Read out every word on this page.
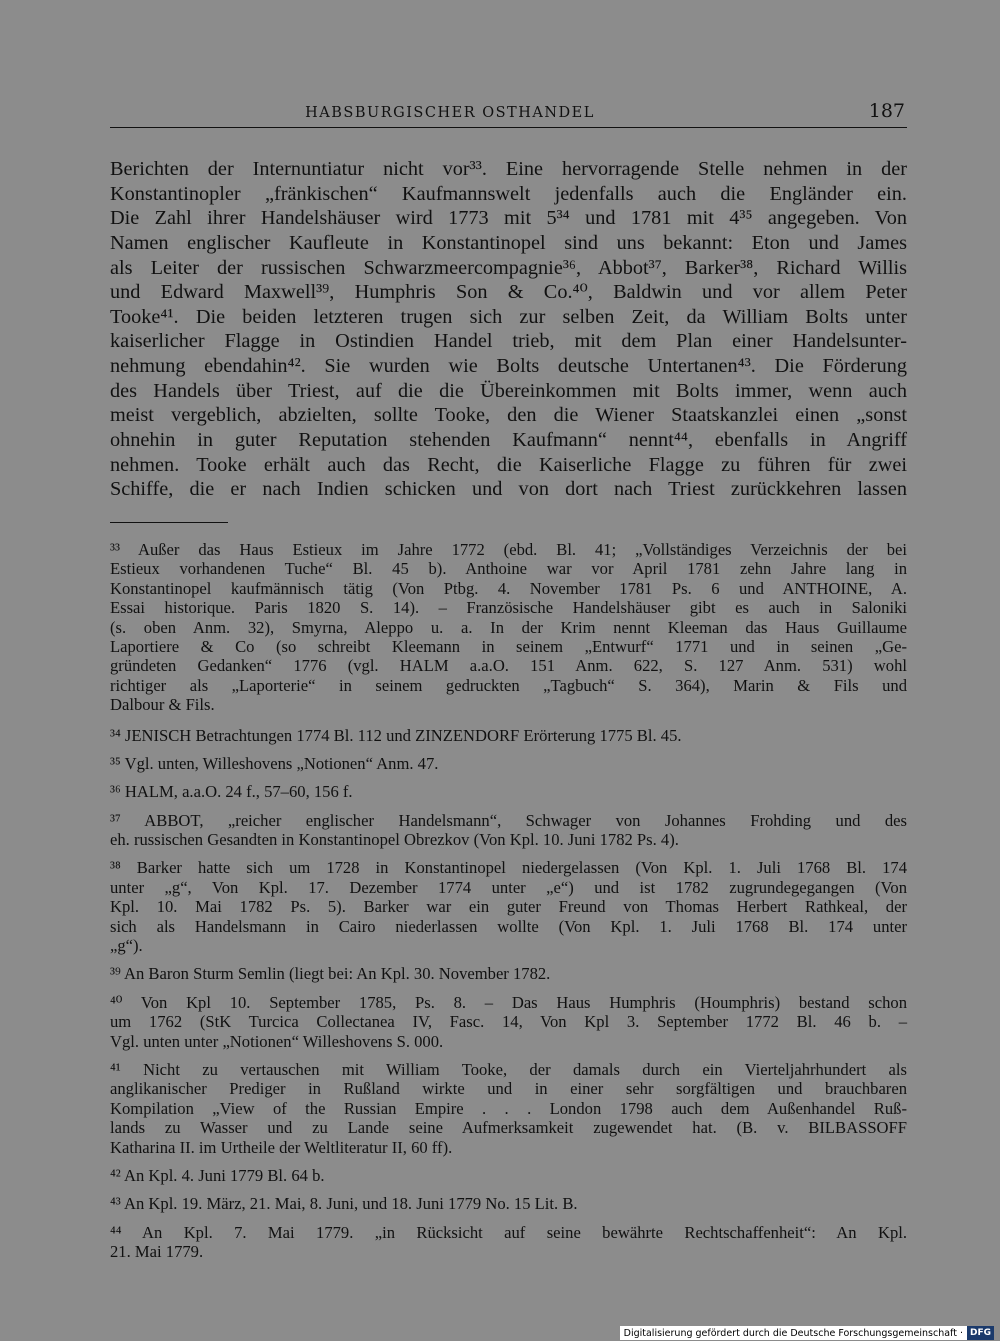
HABSBURGISCHER OSTHANDEL	187
Berichten der Internuntiatur nicht vor³³. Eine hervorragende Stelle nehmen in der
Konstantinopler „fränkischen“ Kaufmannswelt jedenfalls auch die Engländer ein.
Die Zahl ihrer Handelshäuser wird 1773 mit 5³⁴ und 1781 mit 4³⁵ angegeben. Von
Namen englischer Kaufleute in Konstantinopel sind uns bekannt: Eton und James
als Leiter der russischen Schwarzmeercompagnie³⁶, Abbot³⁷, Barker³⁸, Richard Willis
und Edward Maxwell³⁹, Humphris Son & Co.⁴⁰, Baldwin und vor allem Peter
Tooke⁴¹. Die beiden letzteren trugen sich zur selben Zeit, da William Bolts unter
kaiserlicher Flagge in Ostindien Handel trieb, mit dem Plan einer Handelsunter-
nehmung ebendahin⁴². Sie wurden wie Bolts deutsche Untertanen⁴³. Die Förderung
des Handels über Triest, auf die die Übereinkommen mit Bolts immer, wenn auch
meist vergeblich, abzielten, sollte Tooke, den die Wiener Staatskanzlei einen „sonst
ohnehin in guter Reputation stehenden Kaufmann“ nennt⁴⁴, ebenfalls in Angriff
nehmen. Tooke erhält auch das Recht, die Kaiserliche Flagge zu führen für zwei
Schiffe, die er nach Indien schicken und von dort nach Triest zurückkehren lassen
³³ Außer das Haus Estieux im Jahre 1772 (ebd. Bl. 41; „Vollständiges Verzeichnis der bei
Estieux vorhandenen Tuche“ Bl. 45 b). Anthoine war vor April 1781 zehn Jahre lang in
Konstantinopel kaufmännisch tätig (Von Ptbg. 4. November 1781 Ps. 6 und ANTHOINE, A.
Essai historique. Paris 1820 S. 14). – Französische Handelshäuser gibt es auch in Saloniki
(s. oben Anm. 32), Smyrna, Aleppo u. a. In der Krim nennt Kleeman das Haus Guillaume
Laportiere & Co (so schreibt Kleemann in seinem „Entwurf“ 1771 und in seinen „Ge-
gründeten Gedanken“ 1776 (vgl. HALM a.a.O. 151 Anm. 622, S. 127 Anm. 531) wohl
richtiger als „Laporterie“ in seinem gedruckten „Tagbuch“ S. 364), Marin & Fils und
Dalbour & Fils.
³⁴ JENISCH Betrachtungen 1774 Bl. 112 und ZINZENDORF Erörterung 1775 Bl. 45.
³⁵ Vgl. unten, Willeshovens „Notionen“ Anm. 47.
³⁶ HALM, a.a.O. 24 f., 57–60, 156 f.
³⁷ ABBOT, „reicher englischer Handelsmann“, Schwager von Johannes Frohding und des
eh. russischen Gesandten in Konstantinopel Obrezkov (Von Kpl. 10. Juni 1782 Ps. 4).
³⁸ Barker hatte sich um 1728 in Konstantinopel niedergelassen (Von Kpl. 1. Juli 1768 Bl. 174
unter „g“, Von Kpl. 17. Dezember 1774 unter „e“) und ist 1782 zugrundegegangen (Von
Kpl. 10. Mai 1782 Ps. 5). Barker war ein guter Freund von Thomas Herbert Rathkeal, der
sich als Handelsmann in Cairo niederlassen wollte (Von Kpl. 1. Juli 1768 Bl. 174 unter
„g“).
³⁹ An Baron Sturm Semlin (liegt bei: An Kpl. 30. November 1782.
⁴⁰ Von Kpl 10. September 1785, Ps. 8. – Das Haus Humphris (Houmphris) bestand schon
um 1762 (StK Turcica Collectanea IV, Fasc. 14, Von Kpl 3. September 1772 Bl. 46 b. –
Vgl. unten unter „Notionen“ Willeshovens S. 000.
⁴¹ Nicht zu vertauschen mit William Tooke, der damals durch ein Vierteljahrhundert als
anglikanischer Prediger in Rußland wirkte und in einer sehr sorgfältigen und brauchbaren
Kompilation „View of the Russian Empire . . . London 1798 auch dem Außenhandel Ruß-
lands zu Wasser und zu Lande seine Aufmerksamkeit zugewendet hat. (B. v. BILBASSOFF
Katharina II. im Urtheile der Weltliteratur II, 60 ff).
⁴² An Kpl. 4. Juni 1779 Bl. 64 b.
⁴³ An Kpl. 19. März, 21. Mai, 8. Juni, und 18. Juni 1779 No. 15 Lit. B.
⁴⁴ An Kpl. 7. Mai 1779. „in Rücksicht auf seine bewährte Rechtschaffenheit“: An Kpl.
21. Mai 1779.
Digitalisierung gefördert durch die Deutsche Forschungsgemeinschaft · DFG
